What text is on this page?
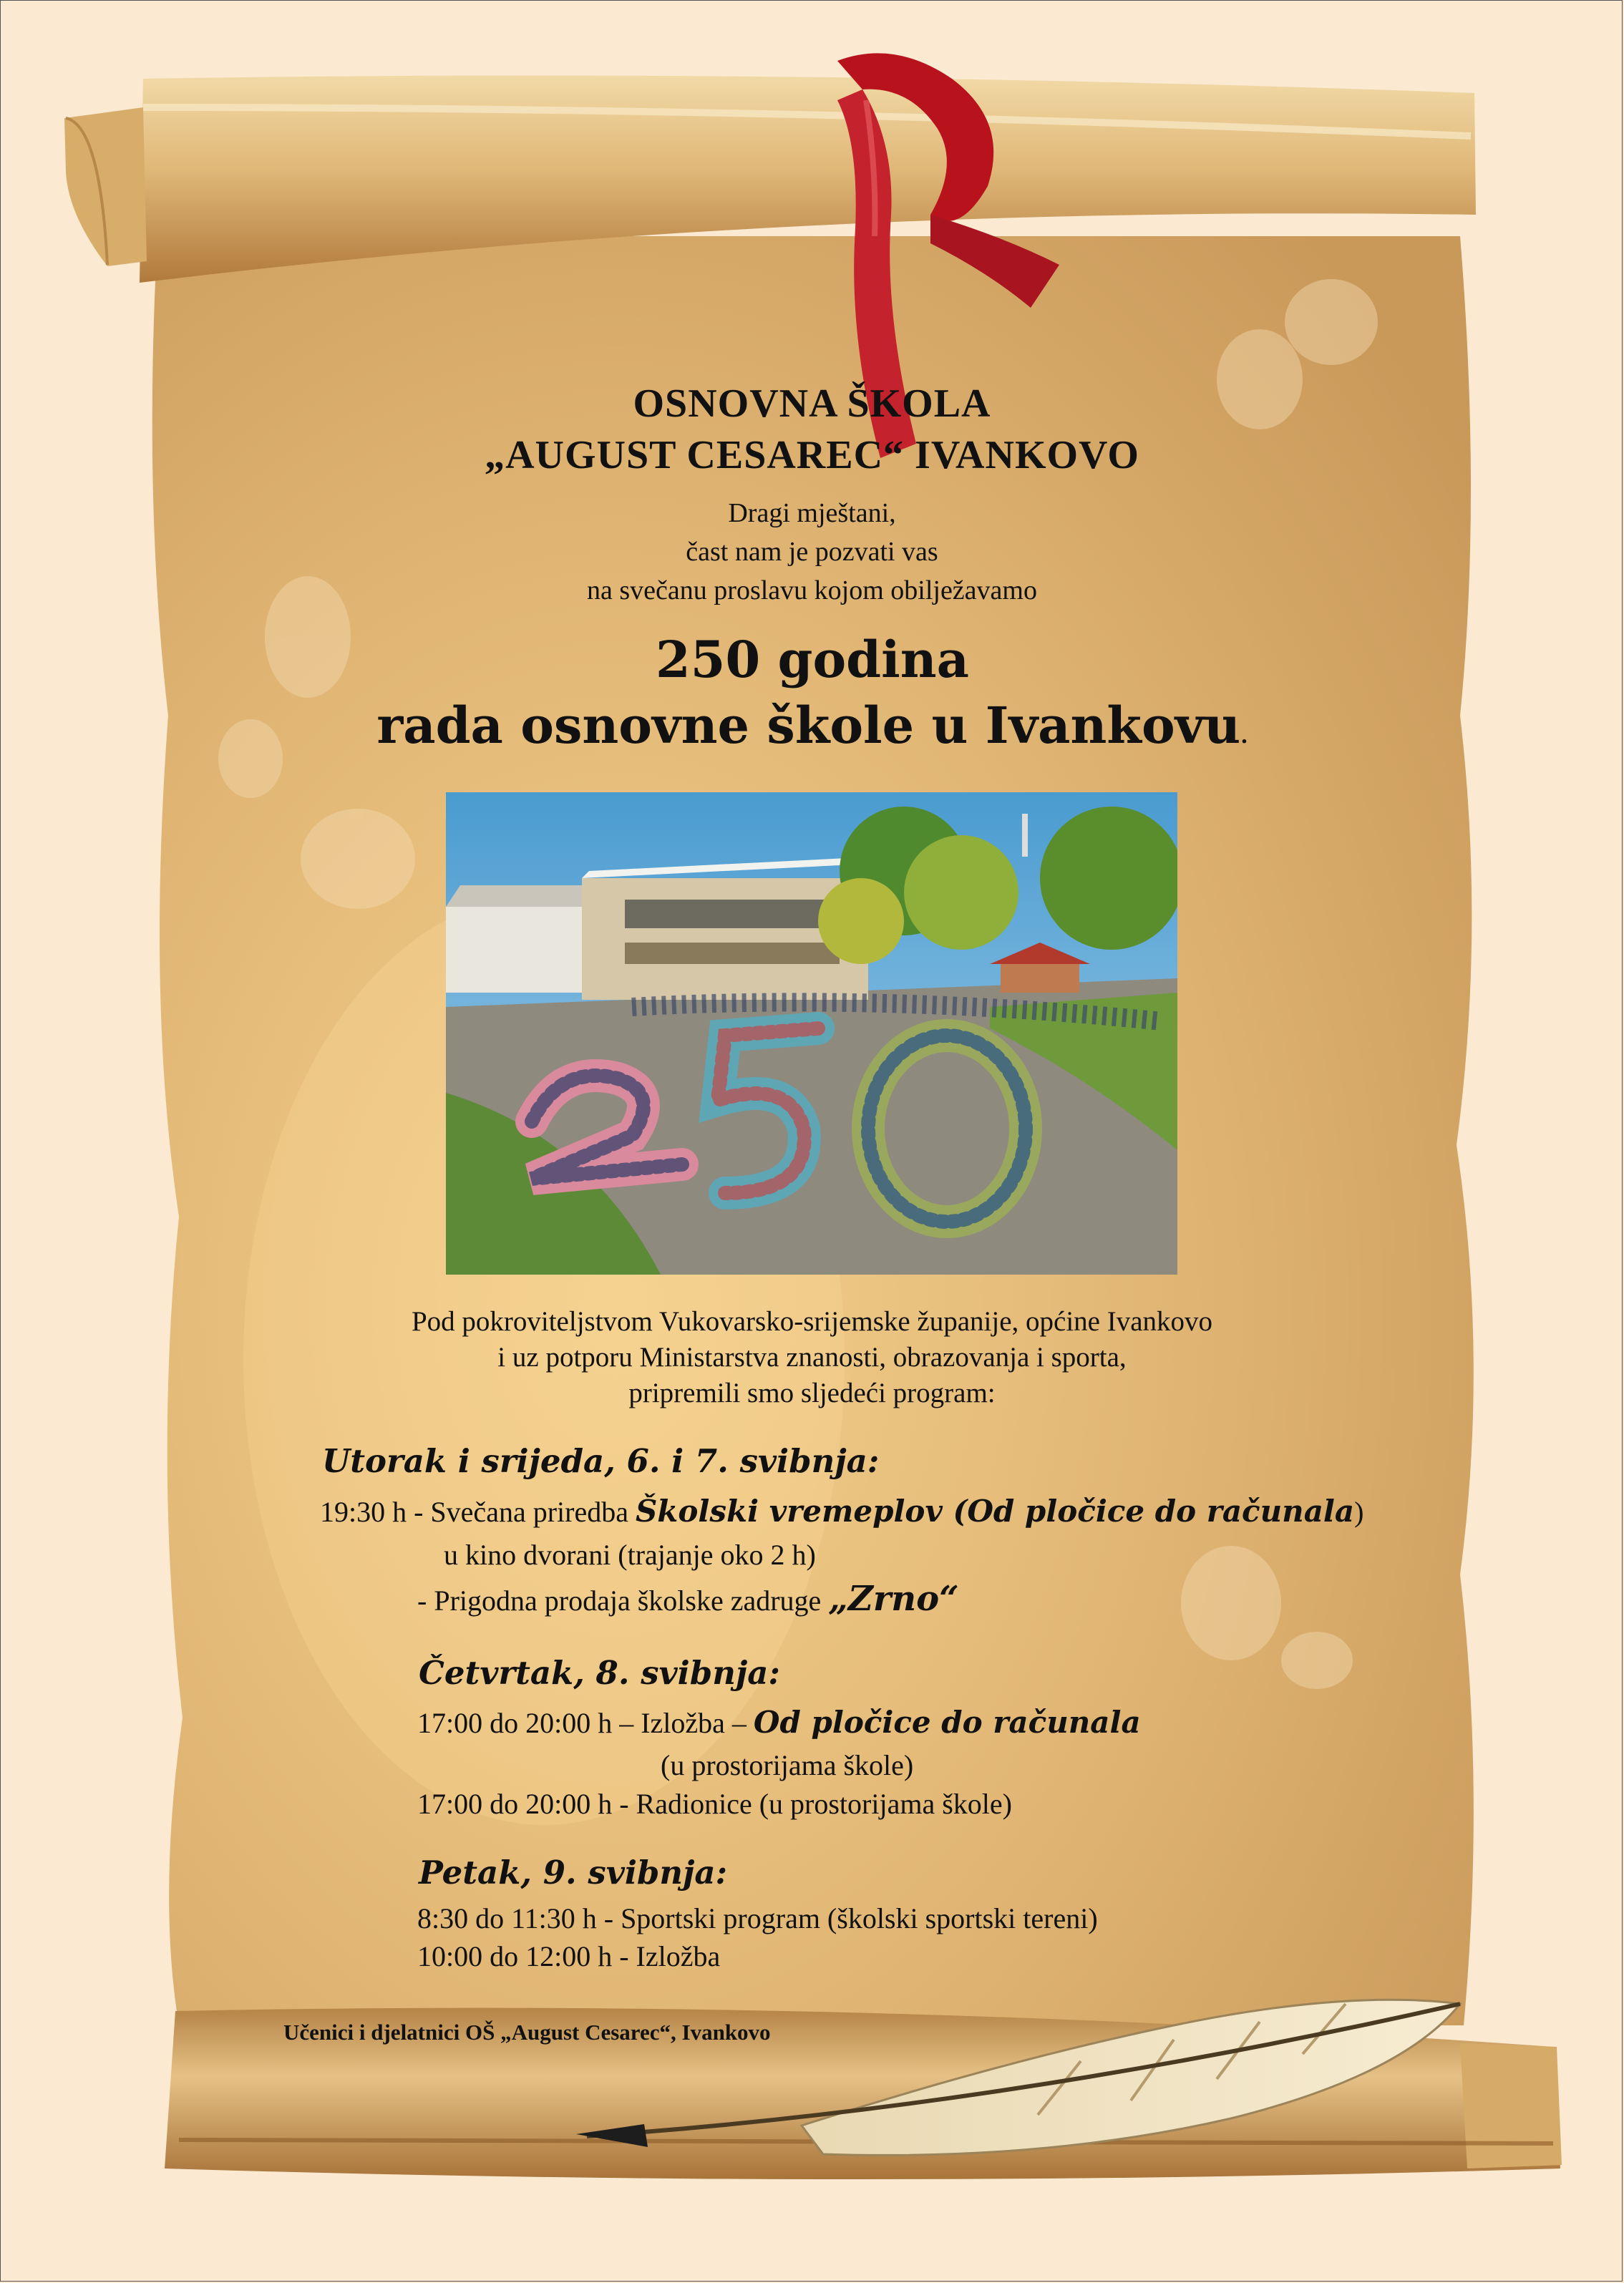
OSNOVNA ŠKOLA
„AUGUST CESAREC“ IVANKOVO
Dragi mještani,
čast nam je pozvati vas
na svečanu proslavu kojom obilježavamo
250 godina
rada osnovne škole u Ivankovu.
Pod pokroviteljstvom Vukovarsko-srijemske županije, općine Ivankovo
i uz potporu Ministarstva znanosti, obrazovanja i sporta,
pripremili smo sljedeći program:
Utorak i srijeda, 6. i 7. svibnja:
19:30 h - Svečana priredba Školski vremeplov (Od pločice do računala)
u kino dvorani (trajanje oko 2 h)
- Prigodna prodaja školske zadruge „Zrno“
Četvrtak, 8. svibnja:
17:00 do 20:00 h – Izložba – Od pločice do računala
(u prostorijama škole)
17:00 do 20:00 h - Radionice (u prostorijama škole)
Petak, 9. svibnja:
8:30 do 11:30 h - Sportski program (školski sportski tereni)
10:00 do 12:00 h - Izložba
Učenici i djelatnici OŠ „August Cesarec“, Ivankovo
